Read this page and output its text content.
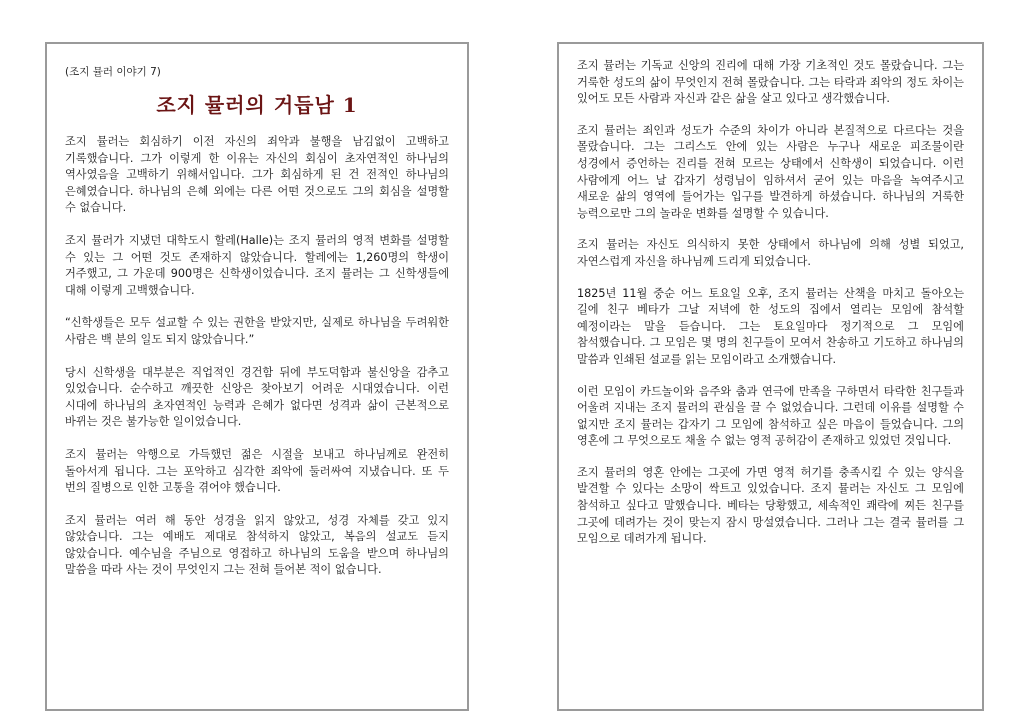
(조지 뮬러 이야기 7)
조지 뮬러의 거듭남 1

조지 뮬러는 회심하기 이전 자신의 죄악과 불행을 남김없이 고백하고 기록했습니다. 그가 이렇게 한 이유는 자신의 회심이 초자연적인 하나님의 역사였음을 고백하기 위해서입니다. 그가 회심하게 된 건 전적인 하나님의 은혜였습니다. 하나님의 은혜 외에는 다른 어떤 것으로도 그의 회심을 설명할 수 없습니다.

조지 뮬러가 지냈던 대학도시 할레(Halle)는 조지 뮬러의 영적 변화를 설명할 수 있는 그 어떤 것도 존재하지 않았습니다. 할레에는 1,260명의 학생이 거주했고, 그 가운데 900명은 신학생이었습니다. 조지 뮬러는 그 신학생들에 대해 이렇게 고백했습니다.

“신학생들은 모두 설교할 수 있는 권한을 받았지만, 실제로 하나님을 두려워한 사람은 백 분의 일도 되지 않았습니다.”

당시 신학생을 대부분은 직업적인 경건함 뒤에 부도덕함과 불신앙을 감추고 있었습니다. 순수하고 깨끗한 신앙은 찾아보기 어려운 시대였습니다. 이런 시대에 하나님의 초자연적인 능력과 은혜가 없다면 성격과 삶이 근본적으로 바뀌는 것은 불가능한 일이었습니다.

조지 뮬러는 악행으로 가득했던 젊은 시절을 보내고 하나님께로 완전히 돌아서게 됩니다. 그는 포악하고 심각한 죄악에 둘러싸여 지냈습니다. 또 두 번의 질병으로 인한 고통을 겪어야 했습니다.

조지 뮬러는 여러 해 동안 성경을 읽지 않았고, 성경 자체를 갖고 있지 않았습니다. 그는 예배도 제대로 참석하지 않았고, 복음의 설교도 듣지 않았습니다. 예수님을 주님으로 영접하고 하나님의 도움을 받으며 하나님의 말씀을 따라 사는 것이 무엇인지 그는 전혀 들어본 적이 없습니다.

조지 뮬러는 기독교 신앙의 진리에 대해 가장 기초적인 것도 몰랐습니다. 그는 거룩한 성도의 삶이 무엇인지 전혀 몰랐습니다. 그는 타락과 죄악의 정도 차이는 있어도 모든 사람과 자신과 같은 삶을 살고 있다고 생각했습니다.

조지 뮬러는 죄인과 성도가 수준의 차이가 아니라 본질적으로 다르다는 것을 몰랐습니다. 그는 그리스도 안에 있는 사람은 누구나 새로운 피조물이란 성경에서 증언하는 진리를 전혀 모르는 상태에서 신학생이 되었습니다. 이런 사람에게 어느 날 갑자기 성령님이 임하셔서 굳어 있는 마음을 녹여주시고 새로운 삶의 영역에 들어가는 입구를 발견하게 하셨습니다. 하나님의 거룩한 능력으로만 그의 놀라운 변화를 설명할 수 있습니다.

조지 뮬러는 자신도 의식하지 못한 상태에서 하나님에 의해 성별 되었고, 자연스럽게 자신을 하나님께 드리게 되었습니다.

1825년 11월 중순 어느 토요일 오후, 조지 뮬러는 산책을 마치고 돌아오는 길에 친구 베타가 그날 저녁에 한 성도의 집에서 열리는 모임에 참석할 예정이라는 말을 듣습니다. 그는 토요일마다 정기적으로 그 모임에 참석했습니다. 그 모임은 몇 명의 친구들이 모여서 찬송하고 기도하고 하나님의 말씀과 인쇄된 설교를 읽는 모임이라고 소개했습니다.

이런 모임이 카드놀이와 음주와 춤과 연극에 만족을 구하면서 타락한 친구들과 어울려 지내는 조지 뮬러의 관심을 끌 수 없었습니다. 그런데 이유를 설명할 수 없지만 조지 뮬러는 갑자기 그 모임에 참석하고 싶은 마음이 들었습니다. 그의 영혼에 그 무엇으로도 채울 수 없는 영적 공허감이 존재하고 있었던 것입니다.

조지 뮬러의 영혼 안에는 그곳에 가면 영적 허기를 충족시킬 수 있는 양식을 발견할 수 있다는 소망이 싹트고 있었습니다. 조지 뮬러는 자신도 그 모임에 참석하고 싶다고 말했습니다. 베타는 당황했고, 세속적인 쾌락에 찌든 친구를 그곳에 데려가는 것이 맞는지 잠시 망설였습니다. 그러나 그는 결국 뮬러를 그 모임으로 데려가게 됩니다.
